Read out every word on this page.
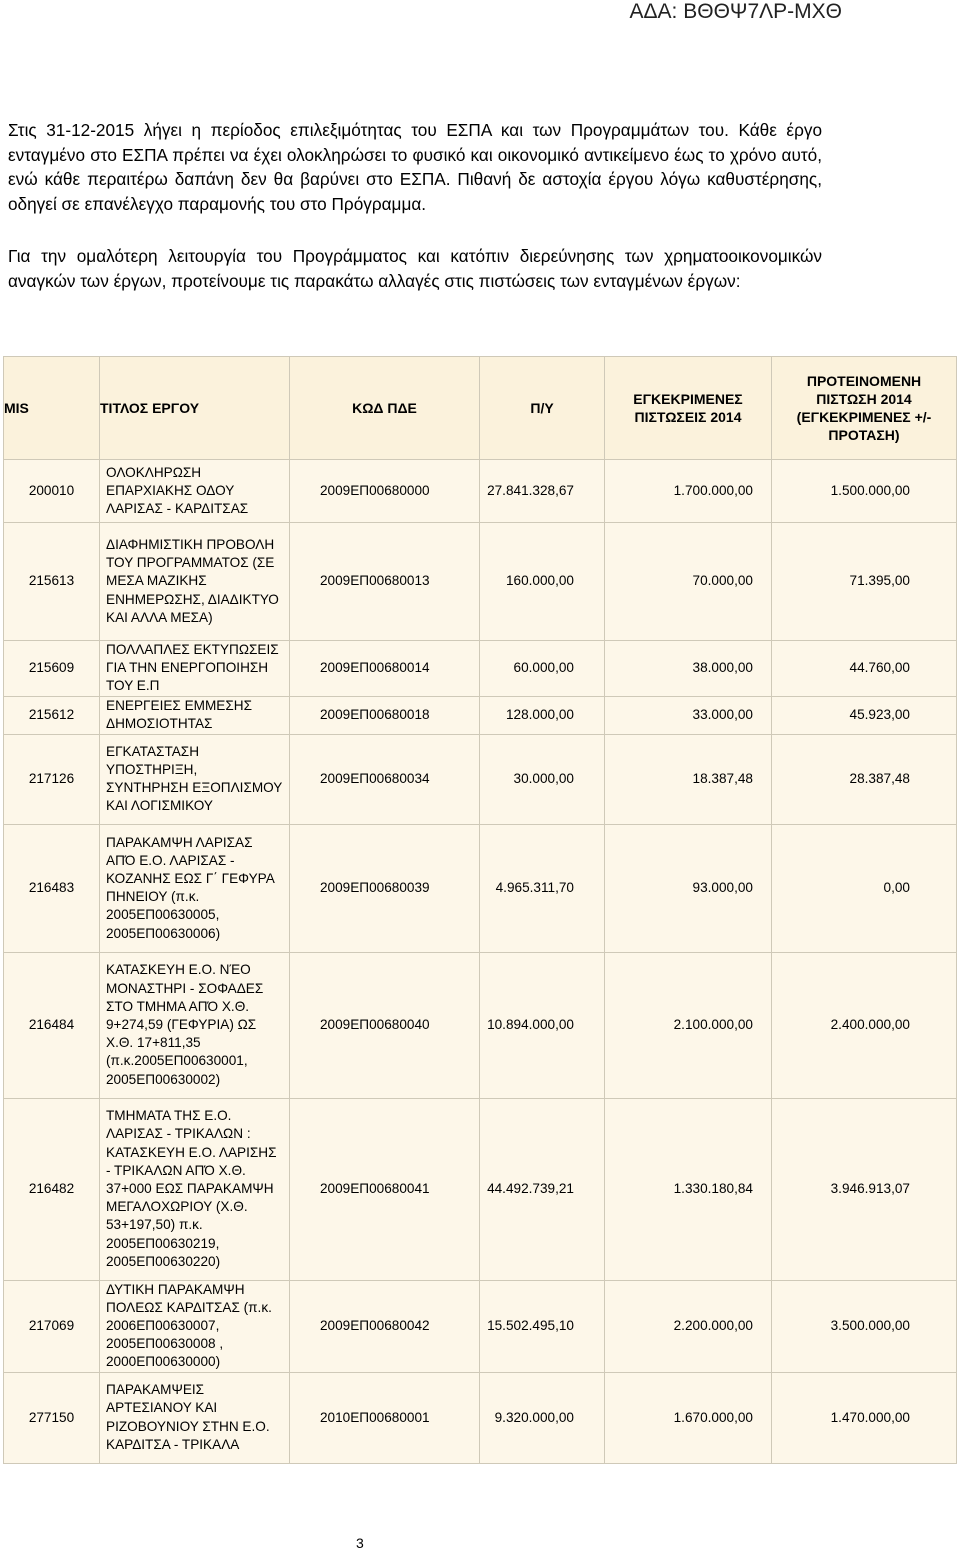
ΑΔΑ: ΒΘΘΨ7ΛΡ-ΜΧΘ

Στις 31-12-2015 λήγει η περίοδος επιλεξιμότητας του ΕΣΠΑ και των Προγραμμάτων του. Κάθε έργο ενταγμένο στο ΕΣΠΑ πρέπει να έχει ολοκληρώσει το φυσικό και οικονομικό αντικείμενο έως το χρόνο αυτό, ενώ κάθε περαιτέρω δαπάνη δεν θα βαρύνει στο ΕΣΠΑ. Πιθανή δε αστοχία έργου λόγω καθυστέρησης, οδηγεί σε επανέλεγχο παραμονής του στο Πρόγραμμα.

Για την ομαλότερη λειτουργία του Προγράμματος και κατόπιν διερεύνησης των χρηματοοικονομικών αναγκών των έργων, προτείνουμε τις παρακάτω αλλαγές στις πιστώσεις των ενταγμένων έργων:

MIS	ΤΙΤΛΟΣ ΕΡΓΟΥ	ΚΩΔ ΠΔΕ	Π/Υ	ΕΓΚΕΚΡΙΜΕΝΕΣ ΠΙΣΤΩΣΕΙΣ 2014	ΠΡΟΤΕΙΝΟΜΕΝΗ ΠΙΣΤΩΣΗ 2014 (ΕΓΚΕΚΡΙΜΕΝΕΣ +/- ΠΡΟΤΑΣΗ)
200010	ΟΛΟΚΛΗΡΩΣΗ ΕΠΑΡΧΙΑΚΗΣ ΟΔΟΥ ΛΑΡΙΣΑΣ - ΚΑΡΔΙΤΣΑΣ	2009ΕΠ00680000	27.841.328,67	1.700.000,00	1.500.000,00
215613	ΔΙΑΦΗΜΙΣΤΙΚΗ ΠΡΟΒΟΛΗ ΤΟΥ ΠΡΟΓΡΑΜΜΑΤΟΣ (ΣΕ ΜΕΣΑ ΜΑΖΙΚΗΣ ΕΝΗΜΕΡΩΣΗΣ, ΔΙΑΔΙΚΤΥΟ ΚΑΙ ΑΛΛΑ ΜΕΣΑ)	2009ΕΠ00680013	160.000,00	70.000,00	71.395,00
215609	ΠΟΛΛΑΠΛΕΣ ΕΚΤΥΠΩΣΕΙΣ ΓΙΑ ΤΗΝ ΕΝΕΡΓΟΠΟΙΗΣΗ ΤΟΥ Ε.Π	2009ΕΠ00680014	60.000,00	38.000,00	44.760,00
215612	ΕΝΕΡΓΕΙΕΣ ΕΜΜΕΣΗΣ ΔΗΜΟΣΙΟΤΗΤΑΣ	2009ΕΠ00680018	128.000,00	33.000,00	45.923,00
217126	ΕΓΚΑΤΑΣΤΑΣΗ ΥΠΟΣΤΗΡΙΞΗ, ΣΥΝΤΗΡΗΣΗ ΕΞΟΠΛΙΣΜΟΥ ΚΑΙ ΛΟΓΙΣΜΙΚΟΥ	2009ΕΠ00680034	30.000,00	18.387,48	28.387,48
216483	ΠΑΡΑΚΑΜΨΗ ΛΑΡΙΣΑΣ ΑΠΌ Ε.Ο. ΛΑΡΙΣΑΣ - ΚΟΖΑΝΗΣ ΕΩΣ Γ΄ ΓΕΦΥΡΑ ΠΗΝΕΙΟΥ (π.κ. 2005ΕΠ00630005, 2005ΕΠ00630006)	2009ΕΠ00680039	4.965.311,70	93.000,00	0,00
216484	ΚΑΤΑΣΚΕΥΗ Ε.Ο. ΝΈΟ ΜΟΝΑΣΤΗΡΙ - ΣΟΦΑΔΕΣ ΣΤΟ ΤΜΗΜΑ ΑΠΌ Χ.Θ. 9+274,59 (ΓΕΦΥΡΙΑ) ΩΣ Χ.Θ. 17+811,35 (π.κ.2005ΕΠ00630001, 2005ΕΠ00630002)	2009ΕΠ00680040	10.894.000,00	2.100.000,00	2.400.000,00
216482	ΤΜΗΜΑΤΑ ΤΗΣ Ε.Ο. ΛΑΡΙΣΑΣ - ΤΡΙΚΑΛΩΝ : ΚΑΤΑΣΚΕΥΗ Ε.Ο. ΛΑΡΙΣΗΣ - ΤΡΙΚΑΛΩΝ ΑΠΌ Χ.Θ. 37+000 ΕΩΣ ΠΑΡΑΚΑΜΨΗ ΜΕΓΑΛΟΧΩΡΙΟΥ (Χ.Θ. 53+197,50) π.κ. 2005ΕΠ00630219, 2005ΕΠ00630220)	2009ΕΠ00680041	44.492.739,21	1.330.180,84	3.946.913,07
217069	ΔΥΤΙΚΗ ΠΑΡΑΚΑΜΨΗ ΠΟΛΕΩΣ ΚΑΡΔΙΤΣΑΣ (π.κ. 2006ΕΠ00630007, 2005ΕΠ00630008 , 2000ΕΠ00630000)	2009ΕΠ00680042	15.502.495,10	2.200.000,00	3.500.000,00
277150	ΠΑΡΑΚΑΜΨΕΙΣ ΑΡΤΕΣΙΑΝΟΥ ΚΑΙ ΡΙΖΟΒΟΥΝΙΟΥ ΣΤΗΝ Ε.Ο. ΚΑΡΔΙΤΣΑ - ΤΡΙΚΑΛΑ	2010ΕΠ00680001	9.320.000,00	1.670.000,00	1.470.000,00
3
